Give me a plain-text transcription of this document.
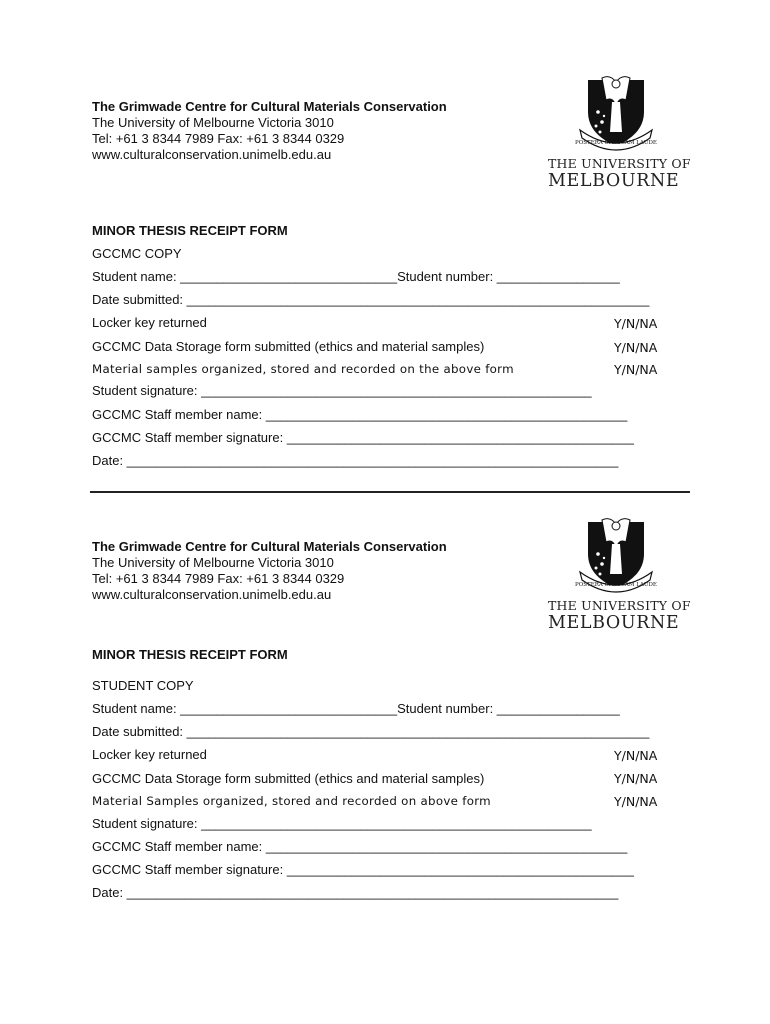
The Grimwade Centre for Cultural Materials Conservation
The University of Melbourne Victoria 3010
Tel: +61 3 8344 7989 Fax: +61 3 8344 0329
www.culturalconservation.unimelb.edu.au
POSTERA CRESCAM LAUDE
THE UNIVERSITY OF
MELBOURNE
MINOR THESIS RECEIPT FORM
GCCMC COPY
Student name: ______________________________Student number: _________________
Date submitted: ________________________________________________________________
Locker key returned	Y/N/NA
GCCMC Data Storage form submitted (ethics and material samples)	Y/N/NA
Material samples organized, stored and recorded on the above form	Y/N/NA
Student signature: ______________________________________________________
GCCMC Staff member name: __________________________________________________
GCCMC Staff member signature: ________________________________________________
Date: ____________________________________________________________________
The Grimwade Centre for Cultural Materials Conservation
The University of Melbourne Victoria 3010
Tel: +61 3 8344 7989 Fax: +61 3 8344 0329
www.culturalconservation.unimelb.edu.au
POSTERA CRESCAM LAUDE
THE UNIVERSITY OF
MELBOURNE
MINOR THESIS RECEIPT FORM
STUDENT COPY
Student name: ______________________________Student number: _________________
Date submitted: ________________________________________________________________
Locker key returned	Y/N/NA
GCCMC Data Storage form submitted (ethics and material samples)	Y/N/NA
Material Samples organized, stored and recorded on above form	Y/N/NA
Student signature: ______________________________________________________
GCCMC Staff member name: __________________________________________________
GCCMC Staff member signature: ________________________________________________
Date: ____________________________________________________________________
